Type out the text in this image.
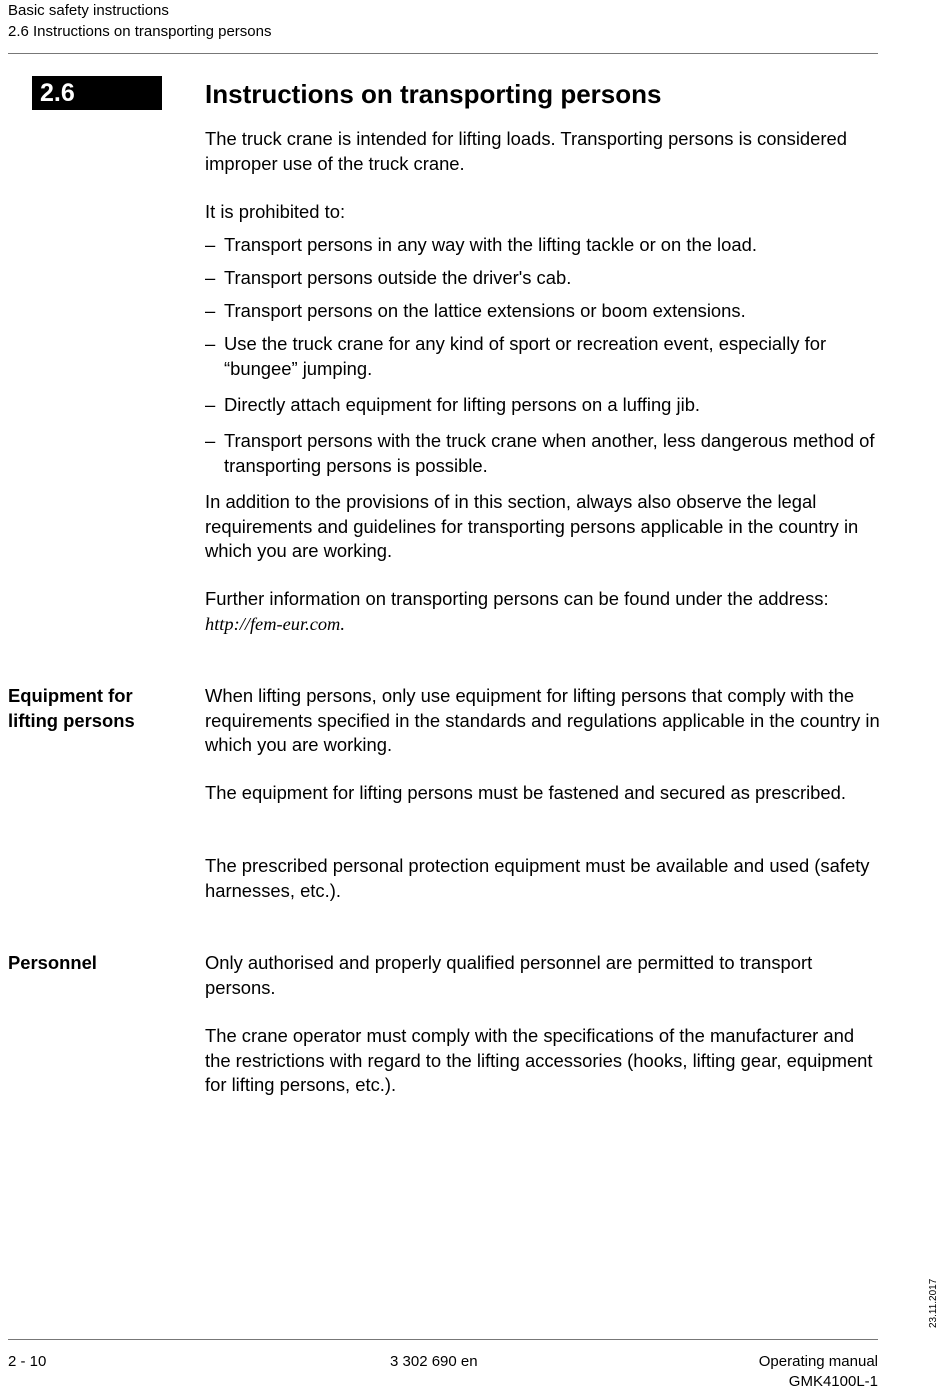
Basic safety instructions
2.6 Instructions on transporting persons
2.6	Instructions on transporting persons
The truck crane is intended for lifting loads. Transporting persons is considered improper use of the truck crane.
It is prohibited to:
– Transport persons in any way with the lifting tackle or on the load.
– Transport persons outside the driver's cab.
– Transport persons on the lattice extensions or boom extensions.
– Use the truck crane for any kind of sport or recreation event, especially for “bungee” jumping.
– Directly attach equipment for lifting persons on a luffing jib.
– Transport persons with the truck crane when another, less dangerous method of transporting persons is possible.
In addition to the provisions of in this section, always also observe the legal requirements and guidelines for transporting persons applicable in the country in which you are working.
Further information on transporting persons can be found under the address: http://fem-eur.com.
Equipment for lifting persons
When lifting persons, only use equipment for lifting persons that comply with the requirements specified in the standards and regulations applicable in the country in which you are working.
The equipment for lifting persons must be fastened and secured as prescribed.
The prescribed personal protection equipment must be available and used (safety harnesses, etc.).
Personnel	Only authorised and properly qualified personnel are permitted to transport persons.
The crane operator must comply with the specifications of the manufacturer and the restrictions with regard to the lifting accessories (hooks, lifting gear, equipment for lifting persons, etc.).
23.11.2017
2 - 10	3 302 690 en	Operating manual
GMK4100L-1
